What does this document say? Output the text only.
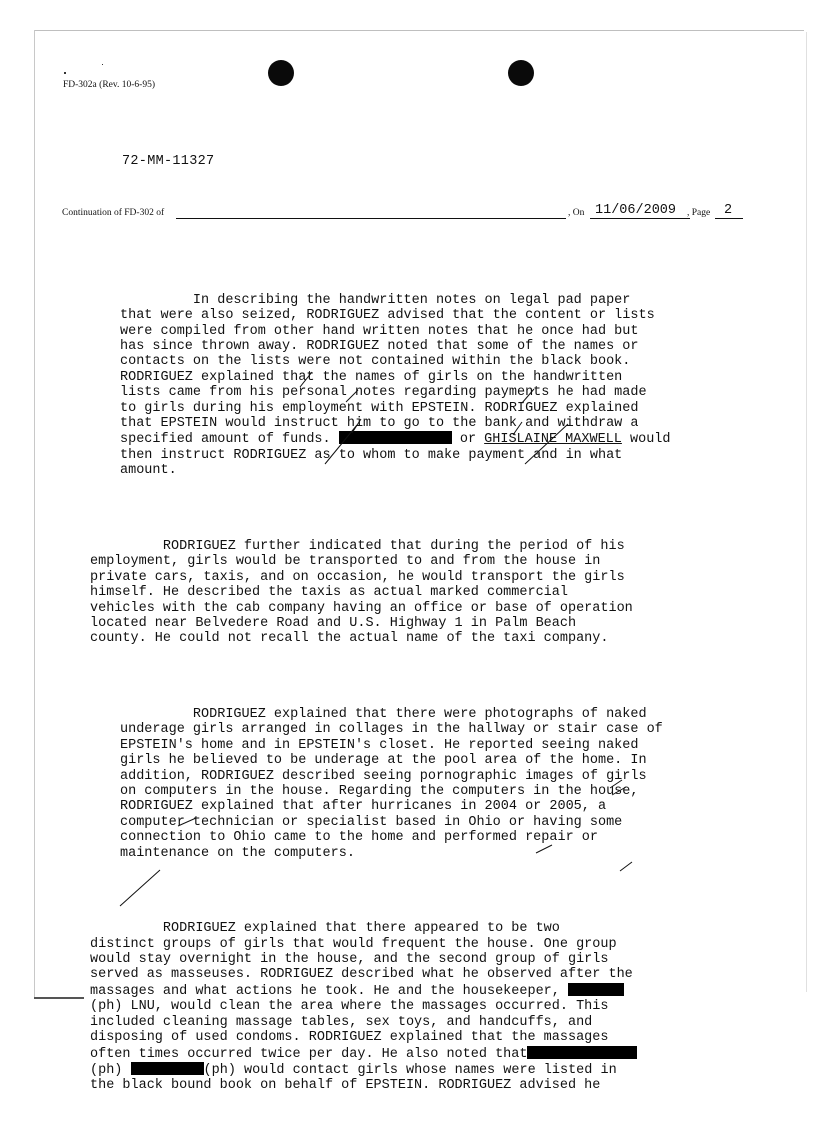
FD-302a (Rev. 10-6-95)
72-MM-11327
Continuation of FD-302 of	, On 11/06/2009 , Page 2

In describing the handwritten notes on legal pad paper
that were also seized, RODRIGUEZ advised that the content or lists
were compiled from other hand written notes that he once had but
has since thrown away. RODRIGUEZ noted that some of the names or
contacts on the lists were not contained within the black book.
RODRIGUEZ explained that the names of girls on the handwritten
lists came from his personal notes regarding payments he had made
to girls during his employment with EPSTEIN. RODRIGUEZ explained
that EPSTEIN would instruct him to go to the bank and withdraw a
specified amount of funds.	or GHISLAINE MAXWELL would
then instruct RODRIGUEZ as to whom to make payment and in what
amount.

RODRIGUEZ further indicated that during the period of his
employment, girls would be transported to and from the house in
private cars, taxis, and on occasion, he would transport the girls
himself. He described the taxis as actual marked commercial
vehicles with the cab company having an office or base of operation
located near Belvedere Road and U.S. Highway 1 in Palm Beach
county. He could not recall the actual name of the taxi company.

RODRIGUEZ explained that there were photographs of naked
underage girls arranged in collages in the hallway or stair case of
EPSTEIN's home and in EPSTEIN's closet. He reported seeing naked
girls he believed to be underage at the pool area of the home. In
addition, RODRIGUEZ described seeing pornographic images of girls
on computers in the house. Regarding the computers in the house,
RODRIGUEZ explained that after hurricanes in 2004 or 2005, a
computer technician or specialist based in Ohio or having some
connection to Ohio came to the home and performed repair or
maintenance on the computers.

RODRIGUEZ explained that there appeared to be two
distinct groups of girls that would frequent the house. One group
would stay overnight in the house, and the second group of girls
served as masseuses. RODRIGUEZ described what he observed after the
massages and what actions he took. He and the housekeeper,
(ph) LNU, would clean the area where the massages occurred. This
included cleaning massage tables, sex toys, and handcuffs, and
disposing of used condoms. RODRIGUEZ explained that the massages
often times occurred twice per day. He also noted that
(ph)	(ph) would contact girls whose names were listed in
the black bound book on behalf of EPSTEIN. RODRIGUEZ advised he
